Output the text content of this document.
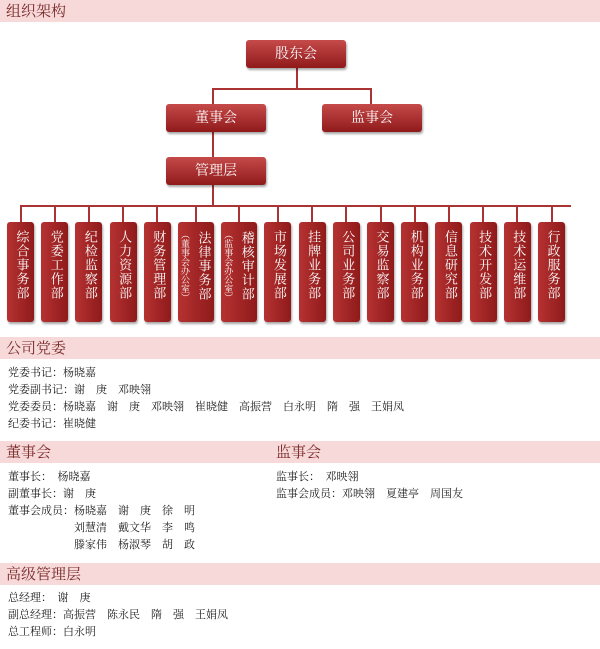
组织架构
股东会
董事会	监事会
管理层
综合事务部 党委工作部 纪检监察部 人力资源部 财务管理部 法律事务部
（董事会办公室）	稽核审计部
（监事会办公室）	市场发展部 挂牌业务部 公司业务部 交易监察部 机构业务部 信息研究部 技术开发部 技术运维部 行政服务部
公司党委
党委书记：杨晓嘉
党委副书记：谢　庚　邓映翎
党委委员：杨晓嘉　谢　庚　邓映翎　崔晓健　高振营　白永明　隋　强　王娟凤
纪委书记：崔晓健
董事会	监事会
董事长：　杨晓嘉
副董事长：谢　庚
董事会成员：杨晓嘉　谢　庚　徐　明
　　　　　　刘慧清　戴文华　李　鸣
　　　　　　滕家伟　杨淑琴　胡　政
监事长：　邓映翎
监事会成员：邓映翎　夏建亭　周国友
高级管理层
总经理：　谢　庚
副总经理：高振营　陈永民　隋　强　王娟凤
总工程师：白永明
